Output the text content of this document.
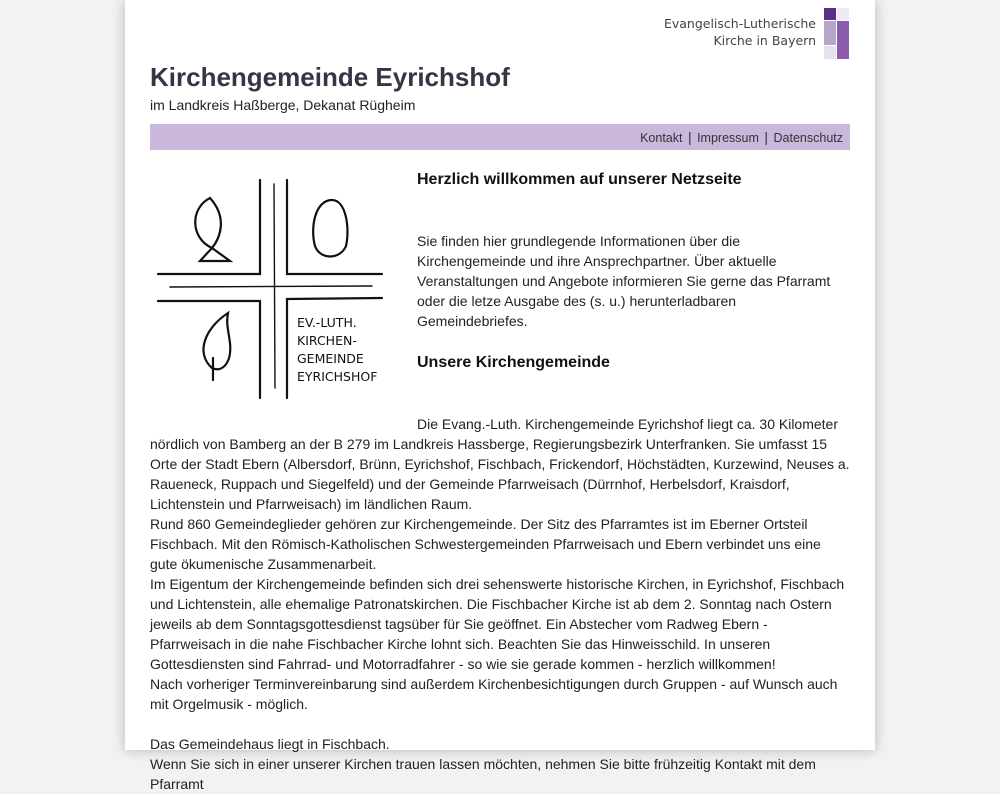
Evangelisch-Lutherische
Kirche in Bayern
Kirchengemeinde Eyrichshof
im Landkreis Haßberge, Dekanat Rügheim
Kontakt | Impressum | Datenschutz
EV.-LUTH.
KIRCHEN-
GEMEINDE
EYRICHSHOF
Herzlich willkommen auf unserer Netzseite

Sie finden hier grundlegende Informationen über die Kirchengemeinde und ihre Ansprechpartner. Über aktuelle Veranstaltungen und Angebote informieren Sie gerne das Pfarramt oder die letze Ausgabe des (s. u.) herunterladbaren Gemeindebriefes.

Unsere Kirchengemeinde

Die Evang.-Luth. Kirchengemeinde Eyrichshof liegt ca. 30 Kilometer nördlich von Bamberg an der B 279 im Landkreis Hassberge, Regierungsbezirk Unterfranken. Sie umfasst 15 Orte der Stadt Ebern (Albersdorf, Brünn, Eyrichshof, Fischbach, Frickendorf, Höchstädten, Kurzewind, Neuses a. Raueneck, Ruppach und Siegelfeld) und der Gemeinde Pfarrweisach (Dürrnhof, Herbelsdorf, Kraisdorf, Lichtenstein und Pfarrweisach) im ländlichen Raum.

Rund 860 Gemeindeglieder gehören zur Kirchengemeinde. Der Sitz des Pfarramtes ist im Eberner Ortsteil Fischbach. Mit den Römisch-Katholischen Schwestergemeinden Pfarrweisach und Ebern verbindet uns eine gute ökumenische Zusammenarbeit.

Im Eigentum der Kirchengemeinde befinden sich drei sehenswerte historische Kirchen, in Eyrichshof, Fischbach und Lichtenstein, alle ehemalige Patronatskirchen. Die Fischbacher Kirche ist ab dem 2. Sonntag nach Ostern jeweils ab dem Sonntagsgottesdienst tagsüber für Sie geöffnet. Ein Abstecher vom Radweg Ebern - Pfarrweisach in die nahe Fischbacher Kirche lohnt sich. Beachten Sie das Hinweisschild. In unseren Gottesdiensten sind Fahrrad- und Motorradfahrer - so wie sie gerade kommen - herzlich willkommen!

Nach vorheriger Terminvereinbarung sind außerdem Kirchenbesichtigungen durch Gruppen - auf Wunsch auch mit Orgelmusik - möglich.

Das Gemeindehaus liegt in Fischbach.

Wenn Sie sich in einer unserer Kirchen trauen lassen möchten, nehmen Sie bitte frühzeitig Kontakt mit dem Pfarramt
